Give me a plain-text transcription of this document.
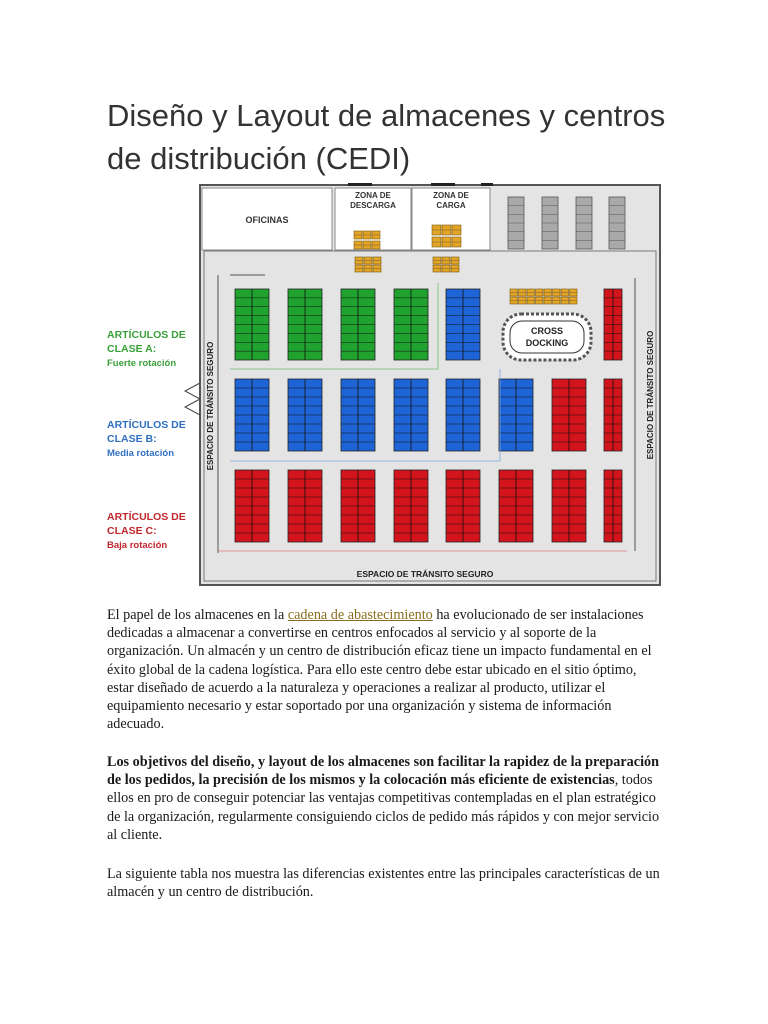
Diseño y Layout de almacenes y centros de distribución (CEDI)
OFICINAS
ZONA DE
DESCARGA
ZONA DE
CARGA
CROSS
DOCKING
ESPACIO DE TRÁNSITO SEGURO
ESPACIO DE TRÁNSITO SEGURO	ESPACIO DE TRÁNSITO SEGURO
ARTÍCULOS DE
CLASE A:
Fuerte rotación
ARTÍCULOS DE
CLASE B:
Media rotación
ARTÍCULOS DE
CLASE C:
Baja rotación

El papel de los almacenes en la cadena de abastecimiento ha evolucionado de ser instalaciones dedicadas a almacenar a convertirse en centros enfocados al servicio y al soporte de la organización. Un almacén y un centro de distribución eficaz tiene un impacto fundamental en el éxito global de la cadena logística. Para ello este centro debe estar ubicado en el sitio óptimo, estar diseñado de acuerdo a la naturaleza y operaciones a realizar al producto, utilizar el equipamiento necesario y estar soportado por una organización y sistema de información adecuado.

Los objetivos del diseño, y layout de los almacenes son facilitar la rapidez de la preparación de los pedidos, la precisión de los mismos y la colocación más eficiente de existencias, todos ellos en pro de conseguir potenciar las ventajas competitivas contempladas en el plan estratégico de la organización, regularmente consiguiendo ciclos de pedido más rápidos y con mejor servicio al cliente.

La siguiente tabla nos muestra las diferencias existentes entre las principales características de un almacén y un centro de distribución.
